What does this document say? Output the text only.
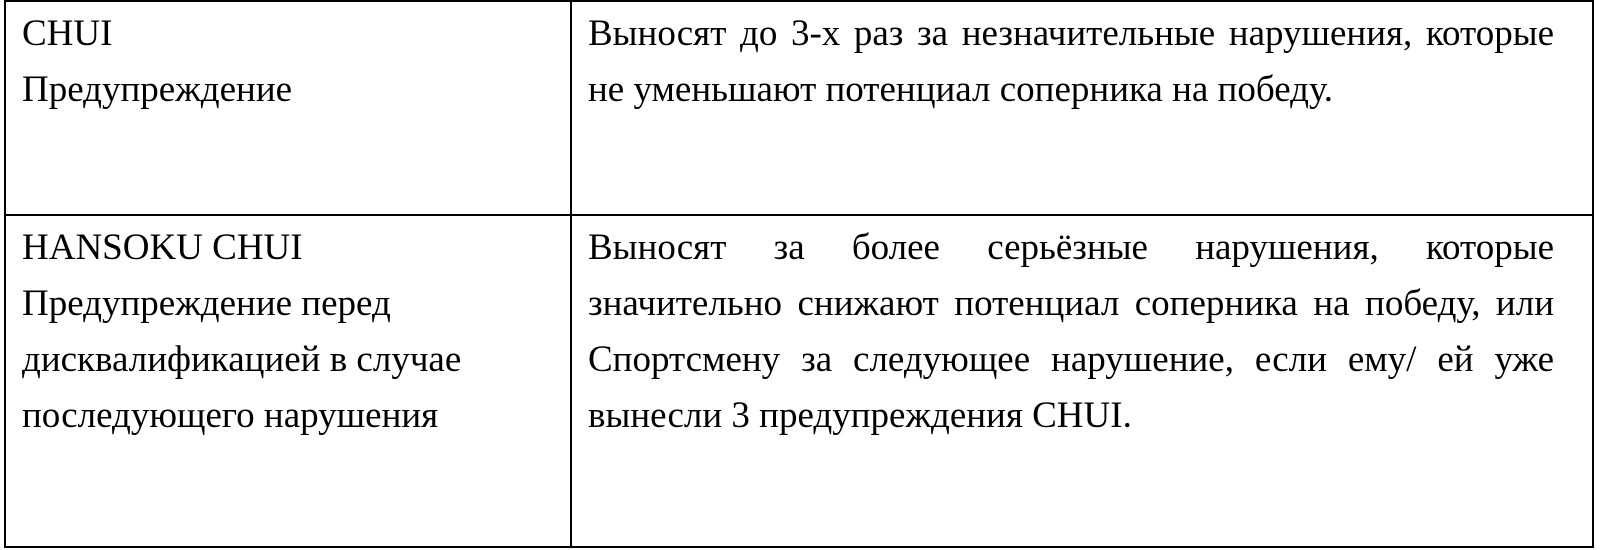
CHUI
Предупреждение	Выносят до 3-х раз за незначительные нарушения, которые не уменьшают потенциал соперника на победу.

HANSOKU CHUI
Предупреждение перед
дисквалификацией в случае
последующего нарушения	Выносят за более серьёзные нарушения, которые значительно снижают потенциал соперника на победу, или Спортсмену за следующее нарушение, если ему/ ей уже вынесли 3 предупреждения CHUI.
